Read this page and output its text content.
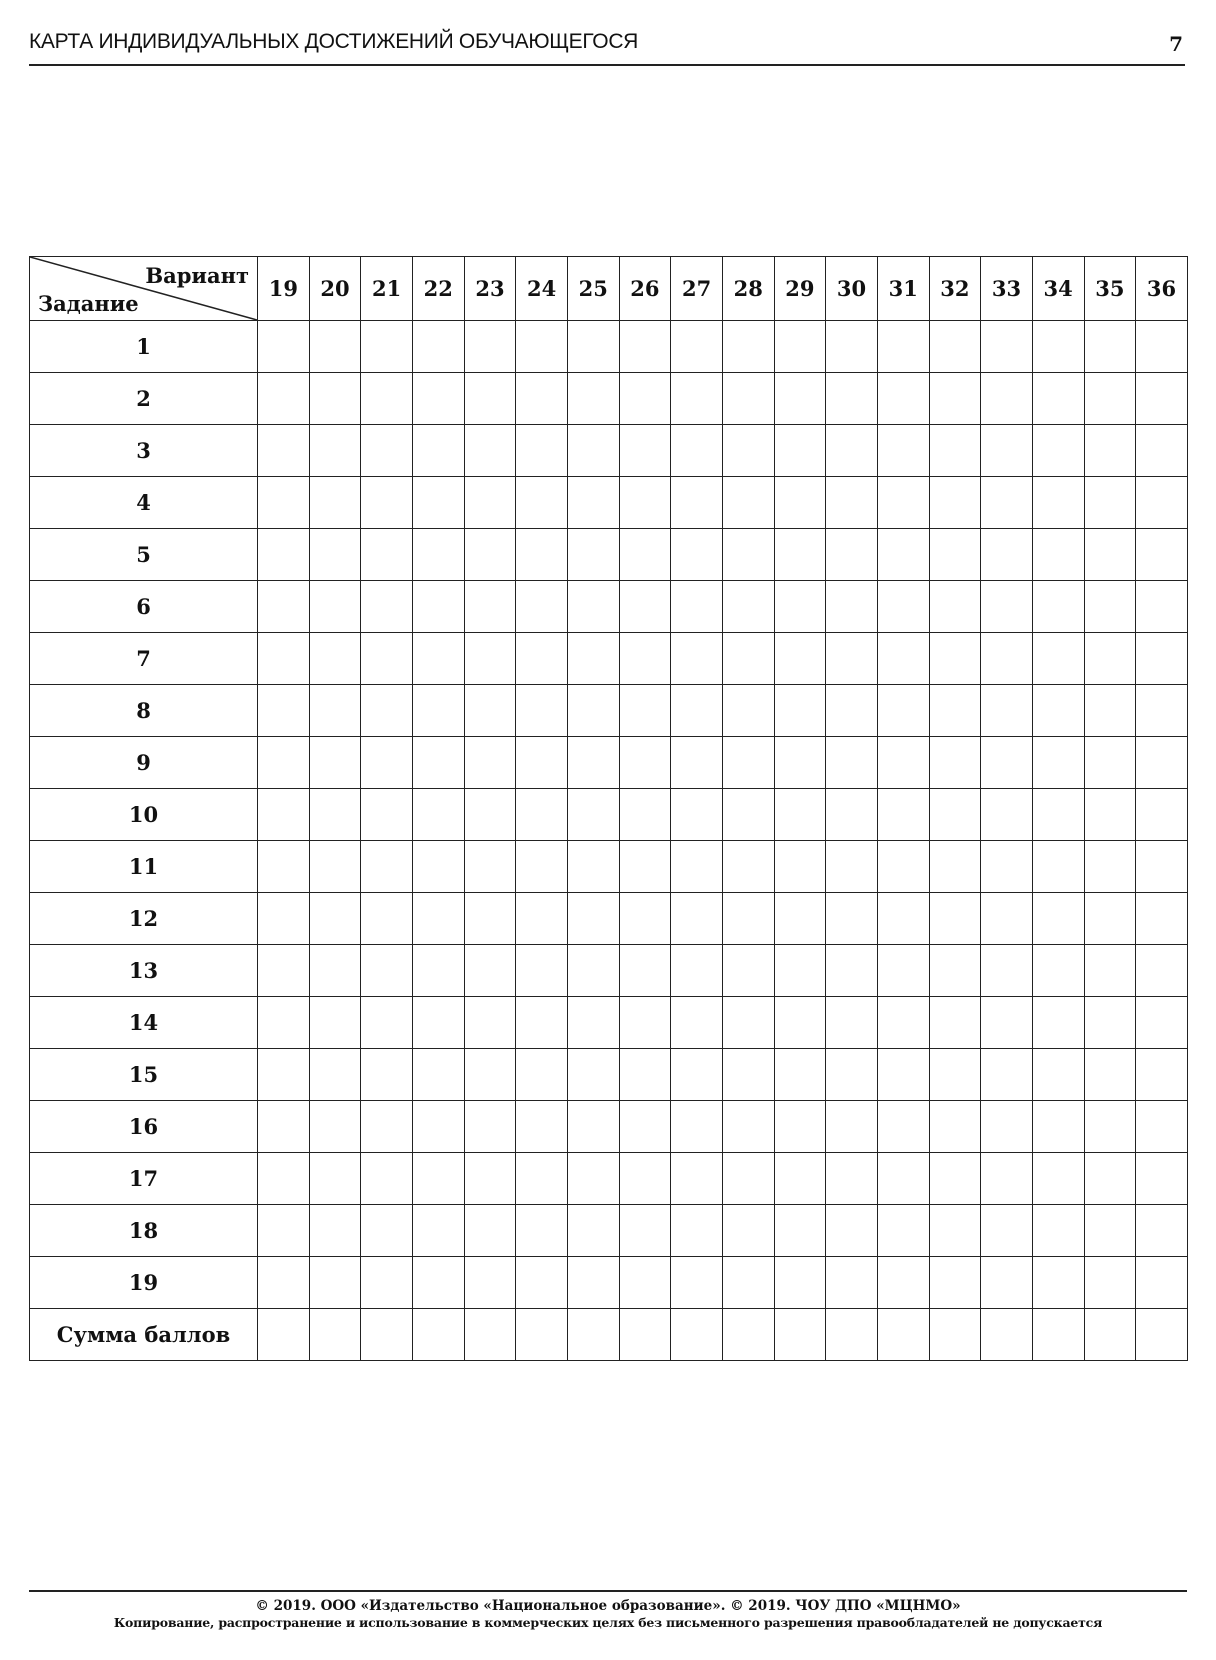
КАРТА ИНДИВИДУАЛЬНЫХ ДОСТИЖЕНИЙ ОБУЧАЮЩЕГОСЯ	7
Вариант
Задание	19	20	21	22	23	24	25	26	27	28	29	30	31	32	33	34	35	36
1																		
2																		
3																		
4																		
5																		
6																		
7																		
8																		
9																		
10																		
11																		
12																		
13																		
14																		
15																		
16																		
17																		
18																		
19																		
Сумма баллов																		
© 2019. ООО «Издательство «Национальное образование». © 2019. ЧОУ ДПО «МЦНМО»
Копирование, распространение и использование в коммерческих целях без письменного разрешения правообладателей не допускается
